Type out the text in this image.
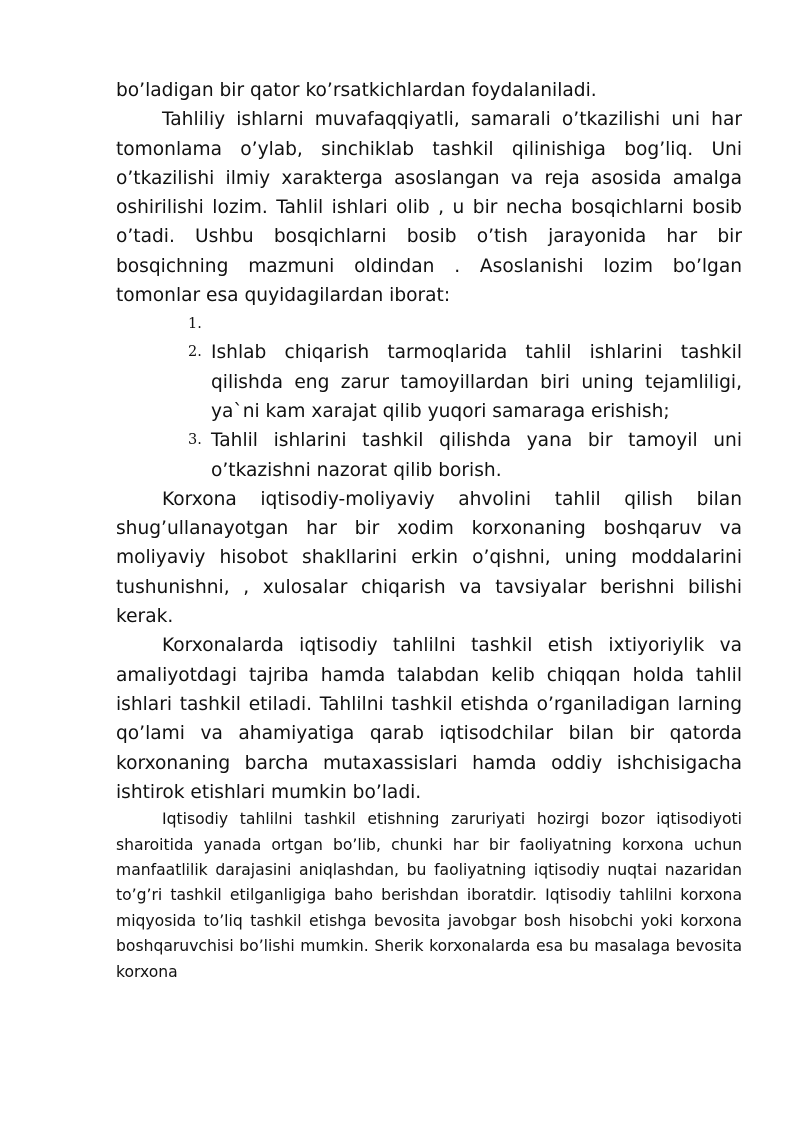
bo’ladigan bir qator ko’rsatkichlardan foydalaniladi.

Tahliliy ishlarni muvafaqqiyatli, samarali o’tkazilishi uni har tomonlama o’ylab, sinchiklab tashkil qilinishiga bog’liq. Uni o’tkazilishi ilmiy xarakterga asoslangan va reja asosida amalga oshirilishi lozim. Tahlil ishlari olib , u bir necha bosqichlarni bosib o’tadi. Ushbu bosqichlarni bosib o’tish jarayonida har bir bosqichning mazmuni oldindan . Asoslanishi lozim bo’lgan tomonlar esa quyidagilardan iborat:

1.
2. Ishlab chiqarish tarmoqlarida tahlil ishlarini tashkil qilishda eng zarur tamoyillardan biri uning tejamliligi, ya`ni kam xarajat qilib yuqori samaraga erishish;
3. Tahlil ishlarini tashkil qilishda yana bir tamoyil uni o’tkazishni nazorat qilib borish.

Korxona iqtisodiy-moliyaviy ahvolini tahlil qilish bilan shug’ullanayotgan har bir xodim korxonaning boshqaruv va moliyaviy hisobot shakllarini erkin o’qishni, uning moddalarini tushunishni, , xulosalar chiqarish va tavsiyalar berishni bilishi kerak.

Korxonalarda iqtisodiy tahlilni tashkil etish ixtiyoriylik va amaliyotdagi tajriba hamda talabdan kelib chiqqan holda tahlil ishlari tashkil etiladi. Tahlilni tashkil etishda o’rganiladigan larning qo’lami va ahamiyatiga qarab iqtisodchilar bilan bir qatorda korxonaning barcha mutaxassislari hamda oddiy ishchisigacha ishtirok etishlari mumkin bo’ladi.

Iqtisodiy tahlilni tashkil etishning zaruriyati hozirgi bozor iqtisodiyoti sharoitida yanada ortgan bo’lib, chunki har bir faoliyatning korxona uchun manfaatlilik darajasini aniqlashdan, bu faoliyatning iqtisodiy nuqtai nazaridan to’g’ri tashkil etilganligiga baho berishdan iboratdir. Iqtisodiy tahlilni korxona miqyosida to’liq tashkil etishga bevosita javobgar bosh hisobchi yoki korxona boshqaruvchisi bo’lishi mumkin. Sherik korxonalarda esa bu masalaga bevosita korxona
